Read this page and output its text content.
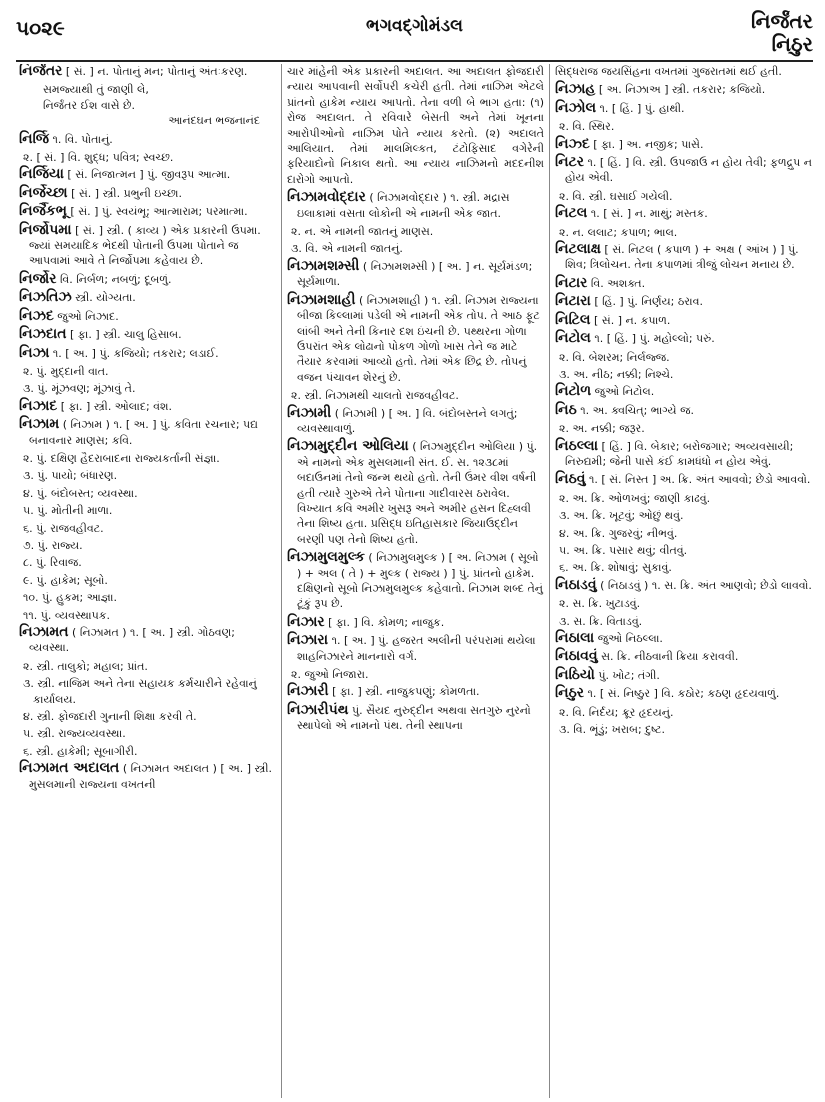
૫૦૨૯	ભગવદ્ગોમંડલ	નિર્જંતર
નિઠુર

નિર્જંતર [ સં. ] ન. પોતાનું મન; પોતાનું અંતઃકરણ.

સમજ્યાથી તું જાણી લે,

નિર્જંતર ઈશ વાસે છે.

આનંદઘન ભજનાનંદ

નિર્જિ ૧. વિ. પોતાનું.

૨. [ સં. ] વિ. શુદ્ધ; પવિત્ર; સ્વચ્છ.

નિર્જિયા [ સં. નિજાત્મન ] પું. જીવરૂપ આત્મા.

નિર્જેચ્છા [ સં. ] સ્ત્રી. પ્રભુની ઇચ્છા.

નિર્જૈકભૂ [ સં. ] પું. સ્વયંભૂ; આત્મારામ; પરમાત્મા.

નિર્જોપમા [ સં. ] સ્ત્રી. ( કાવ્ય ) એક પ્રકારની ઉપમા. જ્યાં સમયાદિક ભેદથી પોતાની ઉપમા પોતાને જ આપવામાં આવે તે નિર્જોપમા કહેવાય છે.

નિર્જોર વિ. નિર્બળ; નબળું; દૂબળું.

નિઝતિઝ સ્ત્રી. યોગ્યતા.

નિઝદ જુઓ નિઝાદ.

નિઝદાત [ ફા. ] સ્ત્રી. ચાલુ હિસાબ.

નિઝા ૧. [ અ. ] પું. કજિયો; તકરાર; લડાઈ.

૨. પું. મુદ્દાની વાત.

૩. પું. મૂંઝવણ; મૂંઝાવું તે.

નિઝાદ [ ફા. ] સ્ત્રી. ઓલાદ; વંશ.

નિઝામ ( નિઝામ ) ૧. [ અ. ] પું. કવિતા રચનાર; પદ્ય બનાવનાર માણસ; કવિ.

૨. પું. દક્ષિણ હૈદરાબાદના રાજ્યકર્તાની સંજ્ઞા.

૩. પું. પાયો; બંધારણ.

૪. પું. બંદોબસ્ત; વ્યવસ્થા.

૫. પું. મોતીની માળા.

૬. પું. રાજવહીવટ.

૭. પું. રાજ્ય.

૮. પું. રિવાજ.

૯. પું. હાકેમ; સૂબો.

૧૦. પું. હુકમ; આજ્ઞા.

૧૧. પું. વ્યવસ્થાપક.

નિઝામત ( નિઝામત ) ૧. [ અ. ] સ્ત્રી. ગોઠવણ; વ્યવસ્થા.

૨. સ્ત્રી. તાલુકો; મહાલ; પ્રાંત.

૩. સ્ત્રી. નાજિમ અને તેના સહાયક કર્મચારીને રહેવાનું કાર્યાલય.

૪. સ્ત્રી. ફોજદારી ગુનાની શિક્ષા કરવી તે.

૫. સ્ત્રી. રાજ્યવ્યવસ્થા.

૬. સ્ત્રી. હાકેમી; સૂબાગીરી.

નિઝામત અદાલત ( નિઝામત અદાલત ) [ અ. ] સ્ત્રી. મુસલમાની રાજ્યના વખતની

ચાર માંહેની એક પ્રકારની અદાલત. આ અદાલત ફોજદારી ન્યાય આપવાની સર્વોપરી કચેરી હતી. તેમાં નાઝિમ એટલે પ્રાંતનો હાકેમ ન્યાય આપતો. તેના વળી બે ભાગ હતા: (૧) રોજ અદાલત. તે રવિવારે બેસતી અને તેમાં ખૂનના આરોપીઓનો નાઝિમ પોતે ન્યાય કરતો. (૨) અદાલતે આલિયાત. તેમાં માલમિલ્કત, ટંટોફિસાદ વગેરેની ફરિયાદોનો નિકાલ થતો. આ ન્યાય નાઝિમનો મદદનીશ દારોગો આપતો.

નિઝામવોદ્દાર ( નિઝામવોદ્દાર ) ૧. સ્ત્રી. મદ્રાસ ઇલાકામાં વસતા લોકોની એ નામની એક જાત.

૨. ન. એ નામની જાતનું માણસ.

૩. વિ. એ નામની જાતનું.

નિઝામશમ્સી ( નિઝામશમ્સી ) [ અ. ] ન. સૂર્યમંડળ; સૂર્યમાળા.

નિઝામશાહી ( નિઝામશાહી ) ૧. સ્ત્રી. નિઝામ રાજ્યના બીજા કિલ્લામાં પડેલી એ નામની એક તોપ. તે આઠ ફૂટ લાંબી અને તેની કિનાર દશ ઇંચની છે. પથ્થરના ગોળા ઉપરાંત એક લોઢાનો પોકળ ગોળો ખાસ તેને જ માટે તૈયાર કરવામાં આવ્યો હતો. તેમાં એક છિદ્ર છે. તોપનું વજન પંચાવન શેરનું છે.

૨. સ્ત્રી. નિઝામથી ચાલતો રાજવહીવટ.

નિઝામી ( નિઝામી ) [ અ. ] વિ. બંદોબસ્તને લગતું; વ્યવસ્થાવાળું.

નિઝામુદ્દીન ઓલિયા ( નિઝામુદ્દીન ઓલિયા ) પું. એ નામનો એક મુસલમાની સંત. ઈ. સ. ૧૨૩૮માં બદાઉનમાં તેનો જન્મ થયો હતો. તેની ઉંમર વીશ વર્ષની હતી ત્યારે ગુરુએ તેને પોતાના ગાદીવારસ ઠરાવેલ. વિખ્યાત કવિ અમીર ખુસરૂ અને અમીર હસન દિહ્લવી તેના શિષ્ય હતા. પ્રસિદ્ધ ઇતિહાસકાર જિયાઉદ્દીન બરણી પણ તેનો શિષ્ય હતો.

નિઝામુલમુલ્ક ( નિઝામુલમુલ્ક ) [ અ. નિઝામ ( સૂબો ) + અલ ( તે ) + મુલ્ક ( રાજ્ય ) ] પું. પ્રાંતનો હાકેમ. દક્ષિણનો સૂબો નિઝામુલમુલ્ક કહેવાતો. નિઝામ શબ્દ તેનું ટૂંકું રૂપ છે.

નિઝાર [ ફા. ] વિ. કોમળ; નાજુક.

નિઝારા ૧. [ અ. ] પું. હજરત અલીની પરંપરામાં થયેલા શાહનિઝારને માનનારો વર્ગ.

૨. જુઓ નિજારા.

નિઝારી [ ફા. ] સ્ત્રી. નાજુકપણું; કોમળતા.

નિઝારીપંથ પું. સૈયદ નુરુદ્દીન અથવા સતગુરુ નુરનો સ્થાપેલો એ નામનો પંથ. તેની સ્થાપના

સિદ્ધરાજ જયસિંહના વખતમાં ગુજરાતમાં થઈ હતી.

નિઝાહ [ અ. નિઝાઅ ] સ્ત્રી. તકરાર; કજિયો.

નિઝોલ ૧. [ હિં. ] પું. હાથી.

૨. વિ. સ્થિર.

નિઝ્દ [ ફા. ] અ. નજીક; પાસે.

નિટર ૧. [ હિં. ] વિ. સ્ત્રી. ઉપજાઉ ન હોય તેવી; ફળદ્રુપ ન હોય એવી.

૨. વિ. સ્ત્રી. ઘસાઈ ગયેલી.

નિટલ ૧. [ સં. ] ન. માથું; મસ્તક.

૨. ન. લલાટ; કપાળ; ભાલ.

નિટલાક્ષ [ સં. નિટલ ( કપાળ ) + અક્ષ ( આંખ ) ] પું. શિવ; ત્રિલોચન. તેના કપાળમાં ત્રીજું લોચન મનાય છે.

નિટાર વિ. અશક્ત.

નિટારા [ હિં. ] પું. નિર્ણય; ઠરાવ.

નિટિલ [ સં. ] ન. કપાળ.

નિટોલ ૧. [ હિં. ] પું. મહોલ્લો; પરું.

૨. વિ. બેશરમ; નિર્લજ્જ.

૩. અ. નીઠ; નક્કી; નિશ્ચે.

નિટોળ જુઓ નિટોલ.

નિઠ ૧. અ. ક્વચિત્; ભાગ્યે જ.

૨. અ. નક્કી; જરૂર.

નિઠલ્લા [ હિં. ] વિ. બેકાર; બરોજગાર; અવ્યવસાયી; નિરુદ્યમી; જેની પાસે કંઈ કામધંધો ન હોય એવું.

નિઠવું ૧. [ સં. નિસ્ત ] અ. ક્રિ. અંત આવવો; છેડો આવવો.

૨. અ. ક્રિ. ઓળખવું; જાણી કાઢવું.

૩. અ. ક્રિ. ખૂટવું; ઓછું થવું.

૪. અ. ક્રિ. ગુજરવું; નીભવું.

૫. અ. ક્રિ. પસાર થવું; વીતવું.

૬. અ. ક્રિ. શોષાવું; સુકાવું.

નિઠાડવું ( નિઠાડવું ) ૧. સ. ક્રિ. અંત આણવો; છેડો લાવવો.

૨. સ. ક્રિ. ખુટાડવું.

૩. સ. ક્રિ. વિતાડવું.

નિઠાલા જુઓ નિઠલ્લા.

નિઠાવવું સ. ક્રિ. નીઠવાની ક્રિયા કરાવવી.

નિઠિયો પું. ખોટ; તંગી.

નિઠુર ૧. [ સં. નિષ્ઠુર ] વિ. કઠોર; કઠણ હૃદયવાળું.

૨. વિ. નિર્દય; ક્રૂર હૃદયનું.

૩. વિ. ભૂંડું; ખરાબ; દુષ્ટ.
